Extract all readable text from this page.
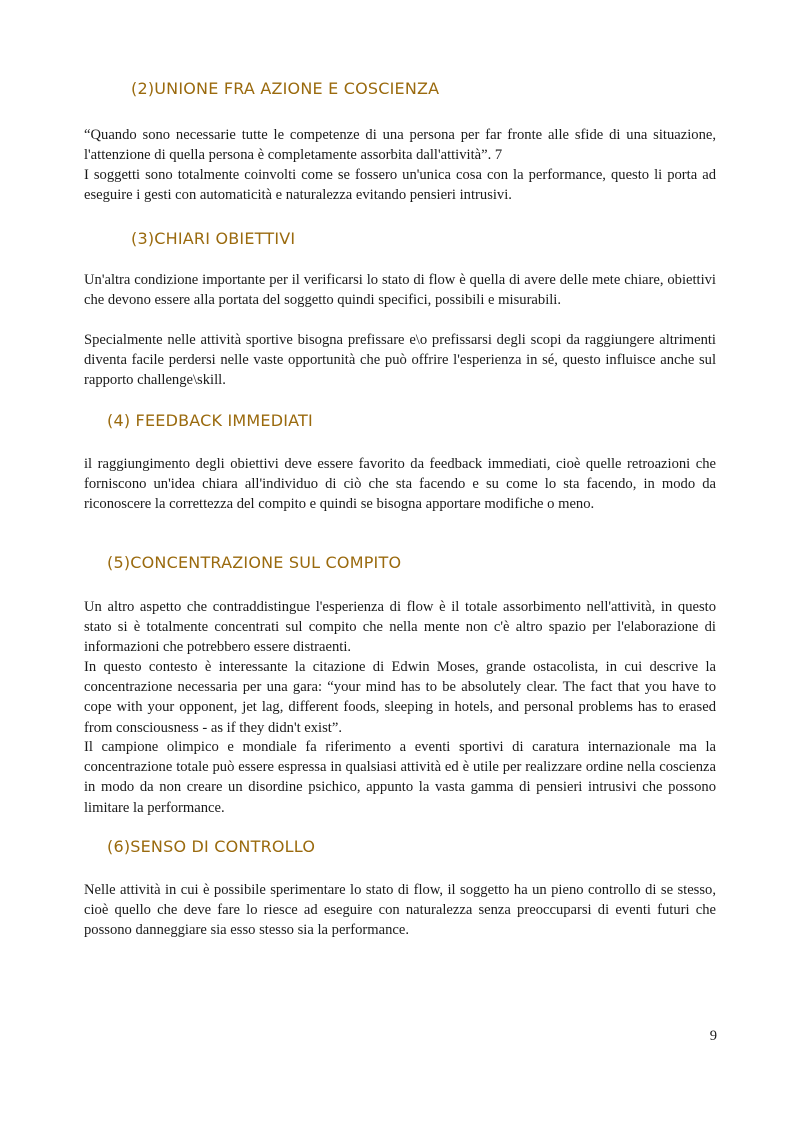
(2)UNIONE FRA AZIONE E COSCIENZA

“Quando sono necessarie tutte le competenze di una persona per far fronte alle sfide di una situazione, l'attenzione di quella persona è completamente assorbita dall'attività”. 7

I soggetti sono totalmente coinvolti come se fossero un'unica cosa con la performance, questo li porta ad eseguire i gesti con automaticità e naturalezza evitando pensieri intrusivi.

(3)CHIARI OBIETTIVI

Un'altra condizione importante per il verificarsi lo stato di flow è quella di avere delle mete chiare, obiettivi che devono essere alla portata del soggetto quindi specifici, possibili e misurabili.

Specialmente nelle attività sportive bisogna prefissare e\o prefissarsi degli scopi da raggiungere altrimenti diventa facile perdersi nelle vaste opportunità che può offrire l'esperienza in sé, questo influisce anche sul rapporto challenge\skill.

(4) FEEDBACK IMMEDIATI

il raggiungimento degli obiettivi deve essere favorito da feedback immediati, cioè quelle retroazioni che forniscono un'idea chiara all'individuo di ciò che sta facendo e su come lo sta facendo, in modo da riconoscere la correttezza del compito e quindi se bisogna apportare modifiche o meno.

(5)CONCENTRAZIONE SUL COMPITO

Un altro aspetto che contraddistingue l'esperienza di flow è il totale assorbimento nell'attività, in questo stato si è totalmente concentrati sul compito che nella mente non c'è altro spazio per l'elaborazione di informazioni che potrebbero essere distraenti.

In questo contesto è interessante la citazione di Edwin Moses, grande ostacolista, in cui descrive la concentrazione necessaria per una gara: “your mind has to be absolutely clear. The fact that you have to cope with your opponent, jet lag, different foods, sleeping in hotels, and personal problems has to erased from consciousness - as if they didn't exist”.

Il campione olimpico e mondiale fa riferimento a eventi sportivi di caratura internazionale ma la concentrazione totale può essere espressa in qualsiasi attività ed è utile per realizzare ordine nella coscienza in modo da non creare un disordine psichico, appunto la vasta gamma di pensieri intrusivi che possono limitare la performance.

(6)SENSO DI CONTROLLO

Nelle attività in cui è possibile sperimentare lo stato di flow, il soggetto ha un pieno controllo di se stesso, cioè quello che deve fare lo riesce ad eseguire con naturalezza senza preoccuparsi di eventi futuri che possono danneggiare sia esso stesso sia la performance.

9
